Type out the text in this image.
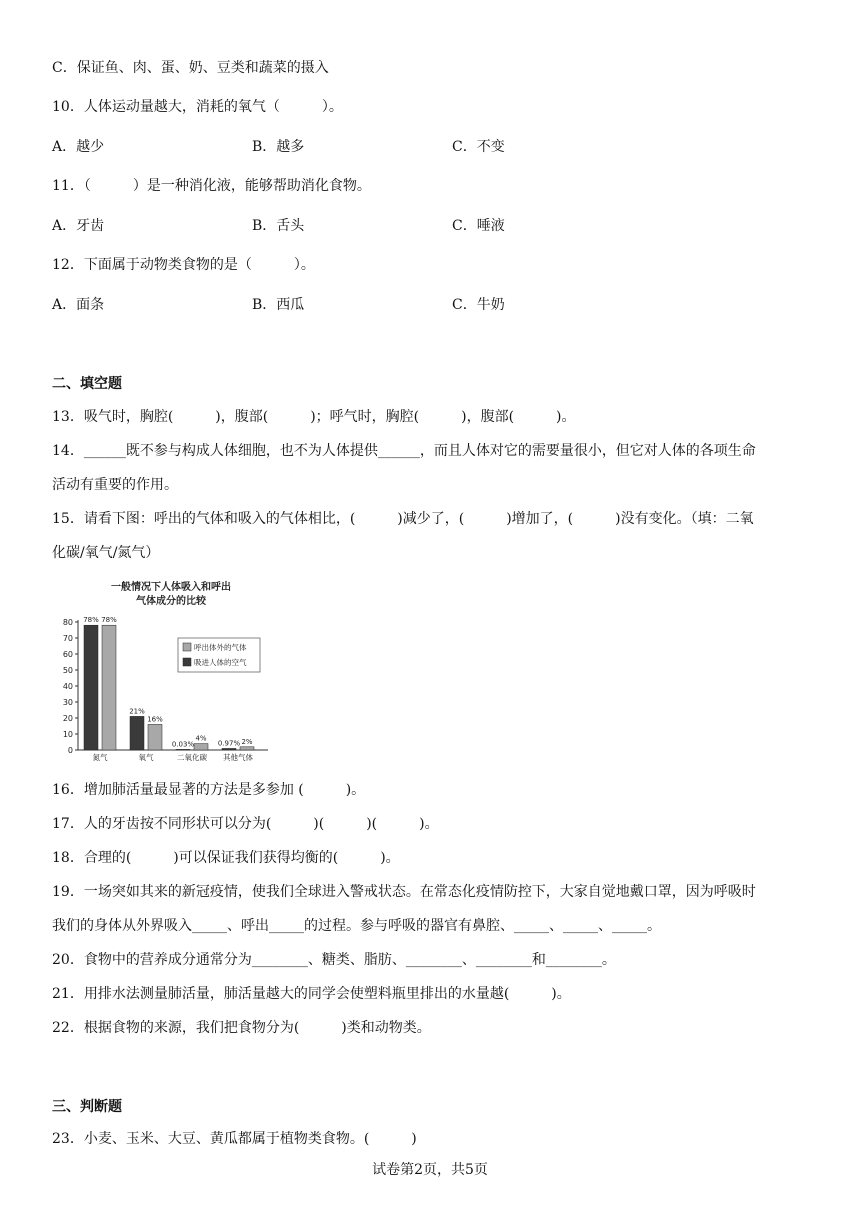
C．保证鱼、肉、蛋、奶、豆类和蔬菜的摄入
10．人体运动量越大，消耗的氧气（　　　）。
A．越少	B．越多	C．不变
11．（　　　）是一种消化液，能够帮助消化食物。
A．牙齿	B．舌头	C．唾液
12．下面属于动物类食物的是（　　　）。
A．面条	B．西瓜	C．牛奶
二、填空题
13．吸气时，胸腔(　　　)，腹部(　　　)；呼气时，胸腔(　　　)，腹部(　　　)。
14．______既不参与构成人体细胞，也不为人体提供______，而且人体对它的需要量很小，但它对人体的各项生命
活动有重要的作用。
15．请看下图：呼出的气体和吸入的气体相比，(　　　)减少了，(　　　)增加了，(　　　)没有变化。（填：二氧
化碳/氧气/氮气）
一般情况下人体吸入和呼出
气体成分的比较
0
10
20
30
40
50
60
70
80 78% 78%
氮气
21%
16%
氧气
0.03%
4%
二氧化碳
0.97% 2%
其他气体
呼出体外的气体
吸进人体的空气
16．增加肺活量最显著的方法是多参加 (　　　)。
17．人的牙齿按不同形状可以分为(　　　)(　　　)(　　　)。
18．合理的(　　　)可以保证我们获得均衡的(　　　)。
19．一场突如其来的新冠疫情，使我们全球进入警戒状态。在常态化疫情防控下，大家自觉地戴口罩，因为呼吸时
我们的身体从外界吸入_____、呼出_____的过程。参与呼吸的器官有鼻腔、_____、_____、_____。
20．食物中的营养成分通常分为________、糖类、脂肪、________、________和________。
21．用排水法测量肺活量，肺活量越大的同学会使塑料瓶里排出的水量越(　　　)。
22．根据食物的来源，我们把食物分为(　　　)类和动物类。
三、判断题
23．小麦、玉米、大豆、黄瓜都属于植物类食物。(　　　)
试卷第2页，共5页
